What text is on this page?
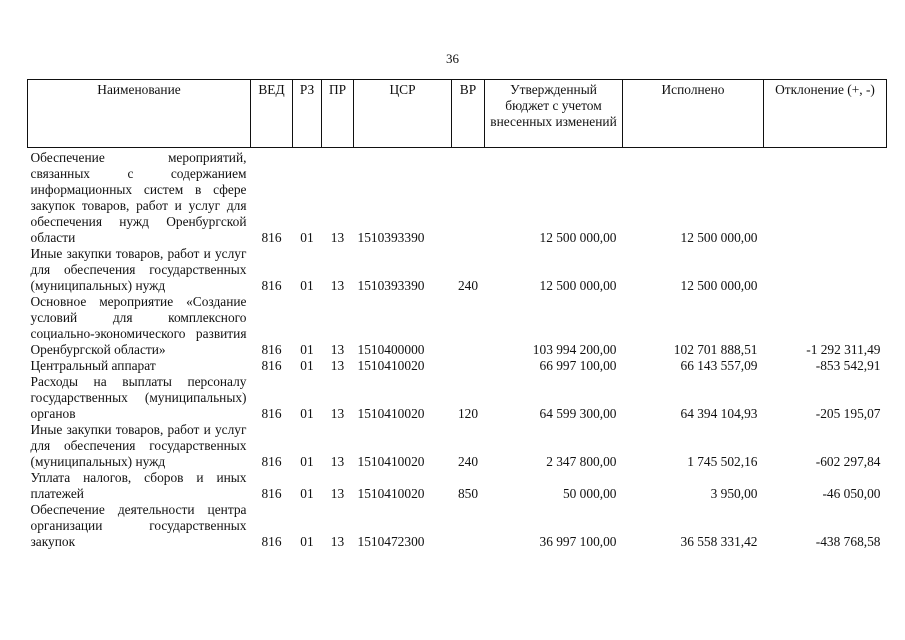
36
Наименование	ВЕД	РЗ	ПР	ЦСР	ВР	Утвержденный бюджет с учетом внесенных изменений	Исполнено	Отклонение (+, -)
Обеспечение мероприятий, связанных с содержанием информационных систем в сфере закупок товаров, работ и услуг для обеспечения нужд Оренбургской области	816	01	13	1510393390		12 500 000,00	12 500 000,00	
Иные закупки товаров, работ и услуг для обеспечения государственных (муниципальных) нужд	816	01	13	1510393390	240	12 500 000,00	12 500 000,00	
Основное мероприятие «Создание условий для комплексного социально-экономического развития Оренбургской области»	816	01	13	1510400000		103 994 200,00	102 701 888,51	-1 292 311,49
Центральный аппарат	816	01	13	1510410020		66 997 100,00	66 143 557,09	-853 542,91
Расходы на выплаты персоналу государственных (муниципальных) органов	816	01	13	1510410020	120	64 599 300,00	64 394 104,93	-205 195,07
Иные закупки товаров, работ и услуг для обеспечения государственных (муниципальных) нужд	816	01	13	1510410020	240	2 347 800,00	1 745 502,16	-602 297,84
Уплата налогов, сборов и иных платежей	816	01	13	1510410020	850	50 000,00	3 950,00	-46 050,00
Обеспечение деятельности центра организации государственных закупок	816	01	13	1510472300		36 997 100,00	36 558 331,42	-438 768,58
